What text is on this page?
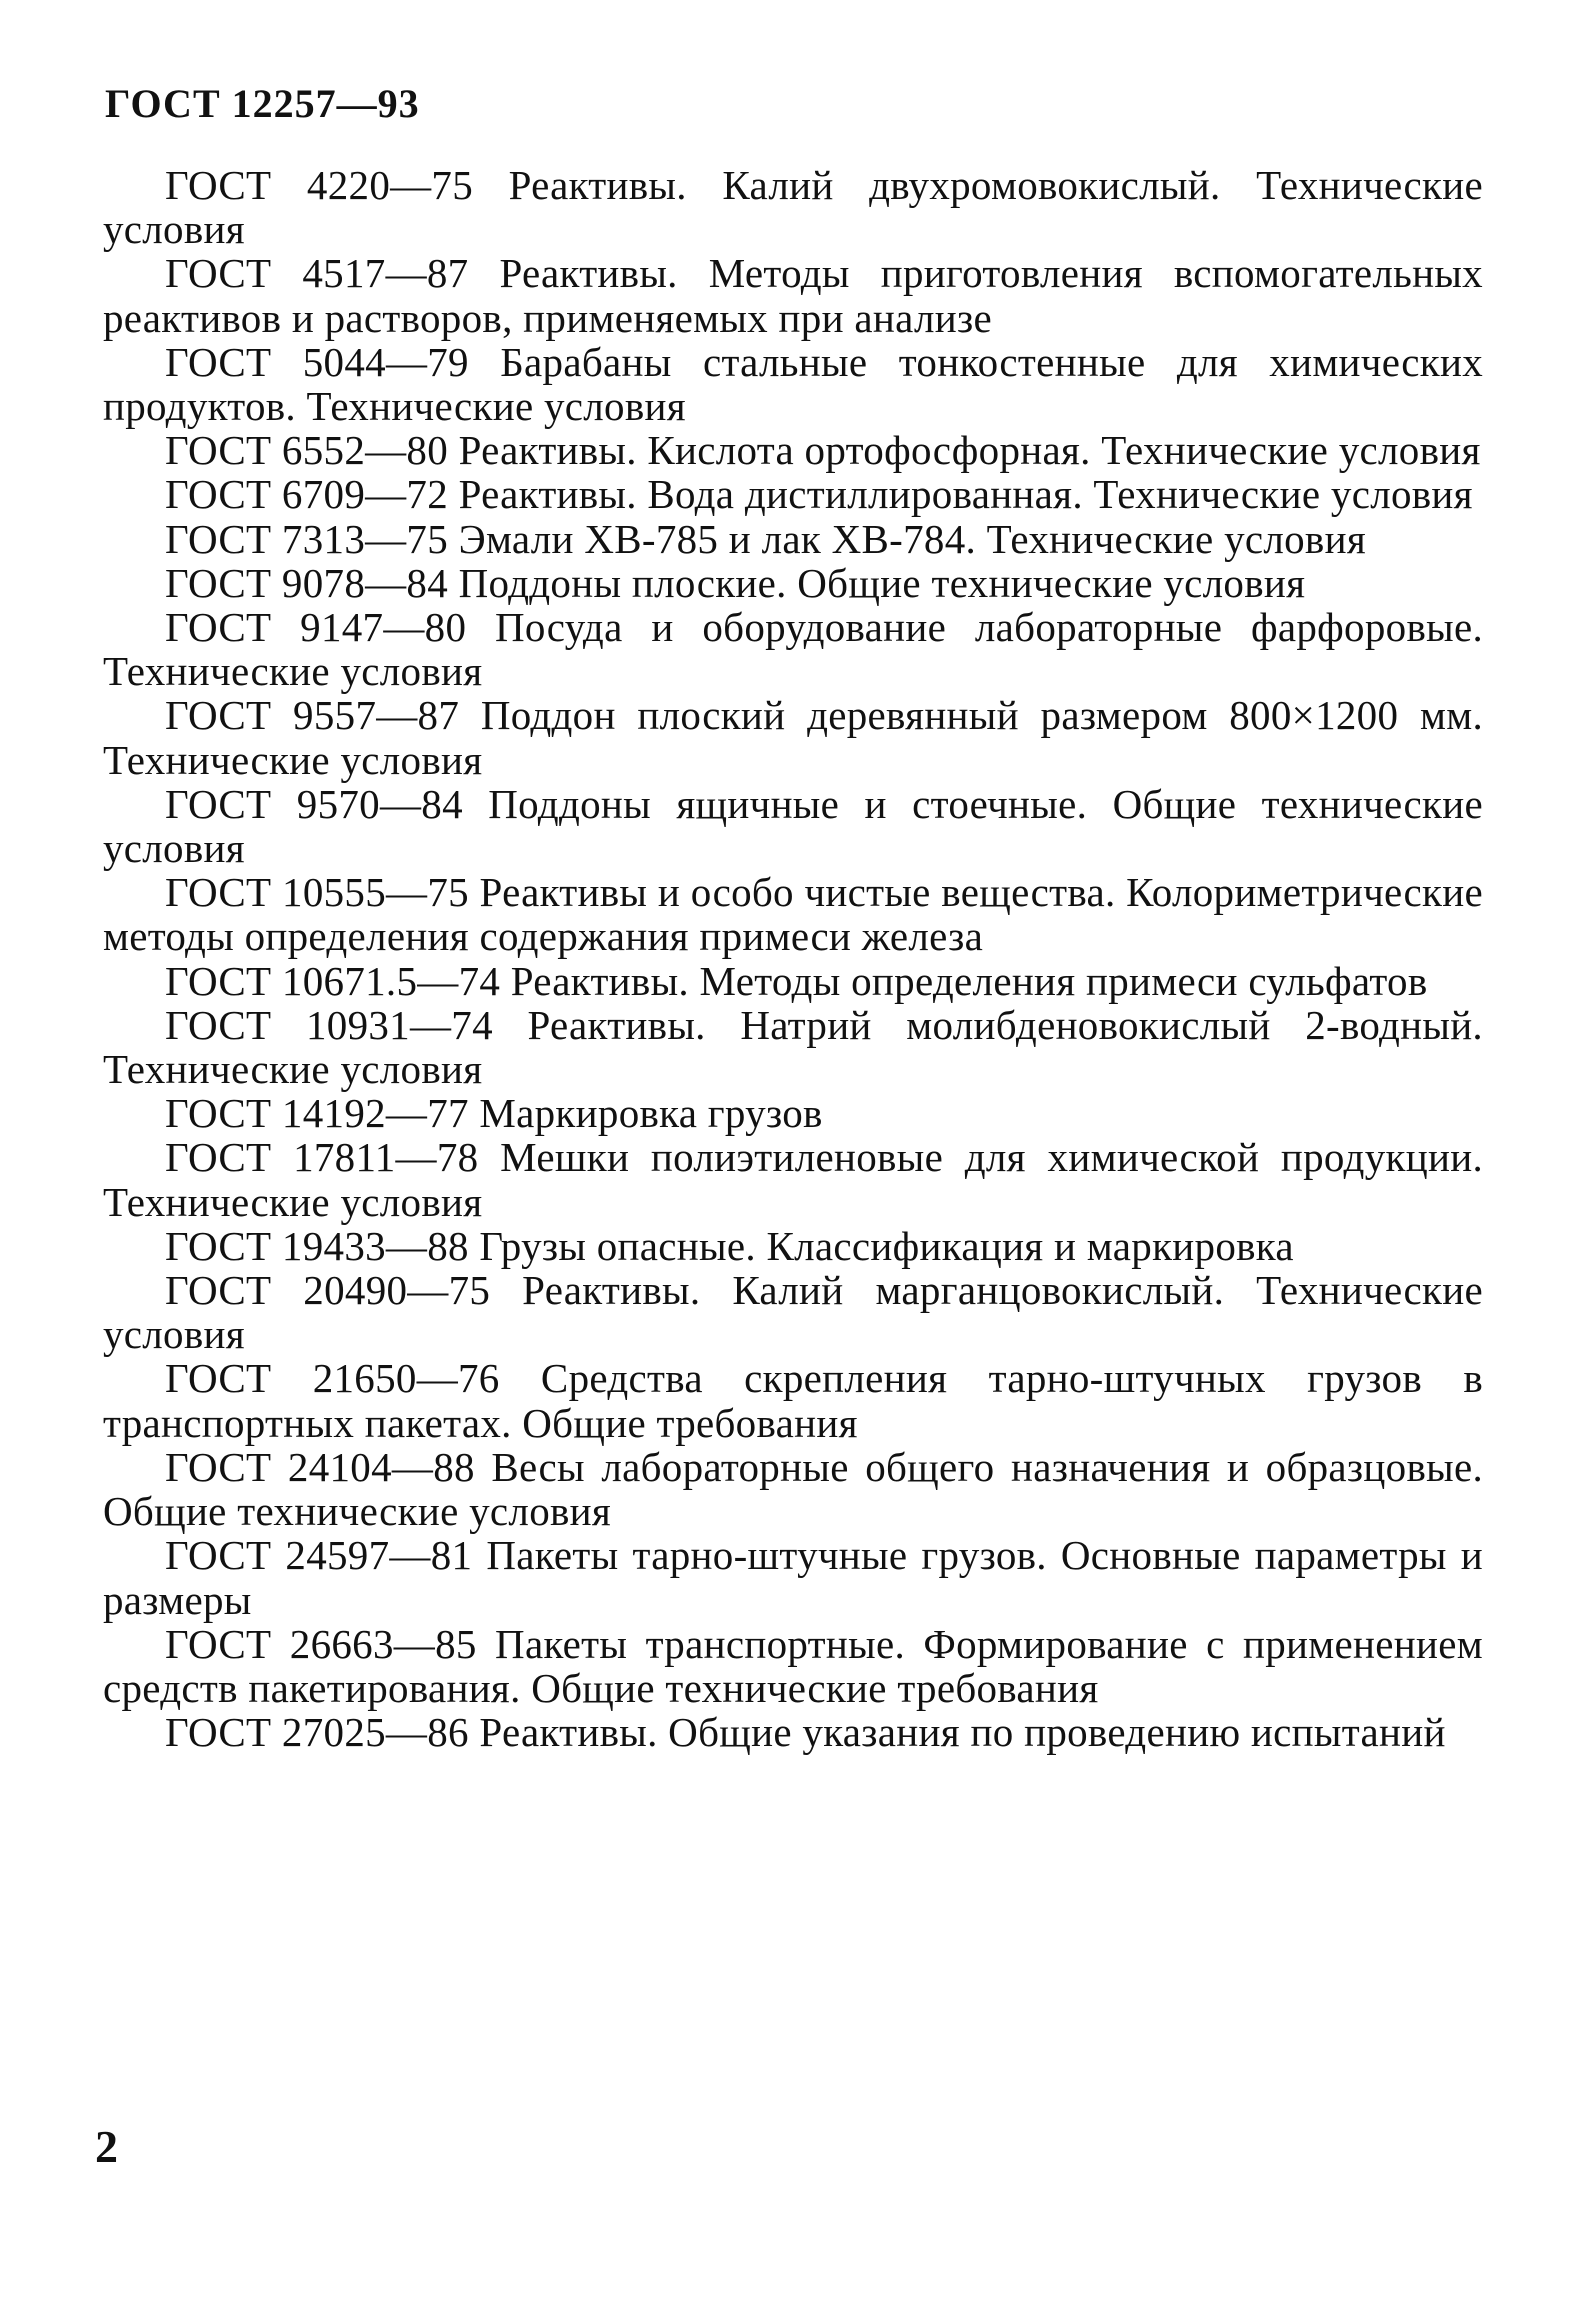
ГОСТ 12257—93
ГОСТ 4220—75 Реактивы. Калий двухромовокислый. Технические условия
ГОСТ 4517—87 Реактивы. Методы приготовления вспомогательных реактивов и растворов, применяемых при анализе
ГОСТ 5044—79 Барабаны стальные тонкостенные для химических продуктов. Технические условия
ГОСТ 6552—80 Реактивы. Кислота ортофосфорная. Технические условия
ГОСТ 6709—72 Реактивы. Вода дистиллированная. Технические условия
ГОСТ 7313—75 Эмали ХВ-785 и лак ХВ-784. Технические условия
ГОСТ 9078—84 Поддоны плоские. Общие технические условия
ГОСТ 9147—80 Посуда и оборудование лабораторные фарфоровые. Технические условия
ГОСТ 9557—87 Поддон плоский деревянный размером 800×1200 мм. Технические условия
ГОСТ 9570—84 Поддоны ящичные и стоечные. Общие технические условия
ГОСТ 10555—75 Реактивы и особо чистые вещества. Колориметрические методы определения содержания примеси железа
ГОСТ 10671.5—74 Реактивы. Методы определения примеси сульфатов
ГОСТ 10931—74 Реактивы. Натрий молибденовокислый 2-водный. Технические условия
ГОСТ 14192—77 Маркировка грузов
ГОСТ 17811—78 Мешки полиэтиленовые для химической продукции. Технические условия
ГОСТ 19433—88 Грузы опасные. Классификация и маркировка
ГОСТ 20490—75 Реактивы. Калий марганцовокислый. Технические условия
ГОСТ 21650—76 Средства скрепления тарно-штучных грузов в транспортных пакетах. Общие требования
ГОСТ 24104—88 Весы лабораторные общего назначения и образцовые. Общие технические условия
ГОСТ 24597—81 Пакеты тарно-штучные грузов. Основные параметры и размеры
ГОСТ 26663—85 Пакеты транспортные. Формирование с применением средств пакетирования. Общие технические требования
ГОСТ 27025—86 Реактивы. Общие указания по проведению испытаний
2
